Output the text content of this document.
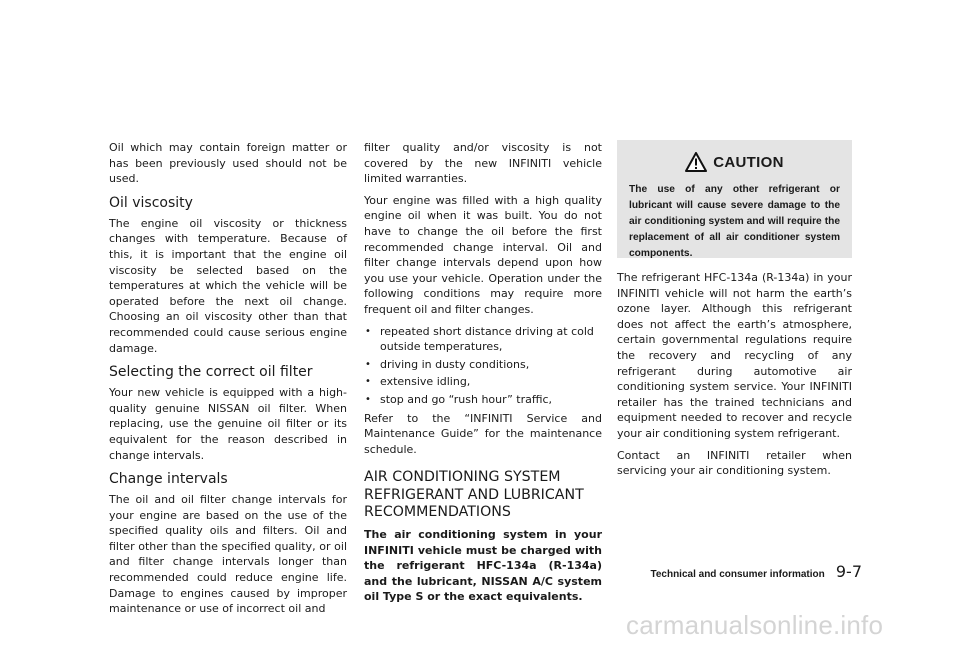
Oil which may contain foreign matter or has been previously used should not be used.

Oil viscosity

The engine oil viscosity or thickness changes with temperature. Because of this, it is important that the engine oil viscosity be selected based on the temperatures at which the vehicle will be operated before the next oil change. Choosing an oil viscosity other than that recommended could cause serious engine damage.

Selecting the correct oil filter

Your new vehicle is equipped with a high-quality genuine NISSAN oil filter. When replacing, use the genuine oil filter or its equivalent for the reason described in change intervals.

Change intervals

The oil and oil filter change intervals for your engine are based on the use of the specified quality oils and filters. Oil and filter other than the specified quality, or oil and filter change intervals longer than recommended could reduce engine life. Damage to engines caused by improper maintenance or use of incorrect oil and

filter quality and/or viscosity is not covered by the new INFINITI vehicle limited warranties.

Your engine was filled with a high quality engine oil when it was built. You do not have to change the oil before the first recommended change interval. Oil and filter change intervals depend upon how you use your vehicle. Operation under the following conditions may require more frequent oil and filter changes.

• repeated short distance driving at cold outside temperatures,
• driving in dusty conditions,
• extensive idling,
• stop and go “rush hour” traffic,

Refer to the “INFINITI Service and Maintenance Guide” for the maintenance schedule.

AIR CONDITIONING SYSTEM REFRIGERANT AND LUBRICANT RECOMMENDATIONS

The air conditioning system in your INFINITI vehicle must be charged with the refrigerant HFC-134a (R-134a) and the lubricant, NISSAN A/C system oil Type S or the exact equivalents.

CAUTION

The use of any other refrigerant or lubricant will cause severe damage to the air conditioning system and will require the replacement of all air conditioner system components.

The refrigerant HFC-134a (R-134a) in your INFINITI vehicle will not harm the earth’s ozone layer. Although this refrigerant does not affect the earth’s atmosphere, certain governmental regulations require the recovery and recycling of any refrigerant during automotive air conditioning system service. Your INFINITI retailer has the trained technicians and equipment needed to recover and recycle your air conditioning system refrigerant.

Contact an INFINITI retailer when servicing your air conditioning system.

Technical and consumer information 9-7
carmanualsonline.info
